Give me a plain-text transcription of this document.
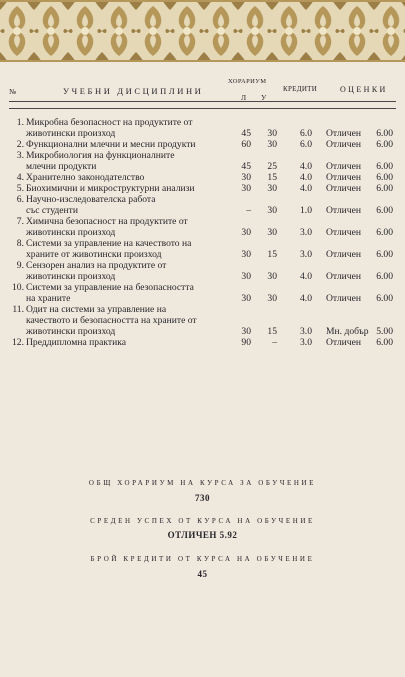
№	УЧЕБНИ ДИСЦИПЛИНИ
ХОРАРИУМ
Л У
КРЕДИТИ	ОЦЕНКИ
1. Микробна безопасност на продуктите от
животински произход	45 30 6.0 Отличен 6.00
2. Функционални млечни и месни продукти	60 30 6.0 Отличен 6.00
3. Микробиология на функционалните
млечни продукти	45 25 4.0 Отличен 6.00
4. Хранително законодателство	30 15 4.0 Отличен 6.00
5. Биохимични и микроструктурни анализи	30 30 4.0 Отличен 6.00
6. Научно-изследователска работа
със студенти	– 30 1.0 Отличен 6.00
7. Химична безопасност на продуктите от
животински произход	30 30 3.0 Отличен 6.00
8. Системи за управление на качеството на
храните от животински произход	30 15 3.0 Отличен 6.00
9. Сензорен анализ на продуктите от
животински произход	30 30 4.0 Отличен 6.00
10. Системи за управление на безопасността
на храните	30 30 4.0 Отличен 6.00
11. Одит на системи за управление на
качеството и безопасността на храните от
животински произход	30 15 3.0 Мн. добър 5.00
12. Преддипломна практика	90 – 3.0 Отличен 6.00
ОБЩ ХОРАРИУМ НА КУРСА ЗА ОБУЧЕНИЕ
730
СРЕДЕН УСПЕХ ОТ КУРСА НА ОБУЧЕНИЕ
ОТЛИЧЕН 5.92
БРОЙ КРЕДИТИ ОТ КУРСА НА ОБУЧЕНИЕ
45
